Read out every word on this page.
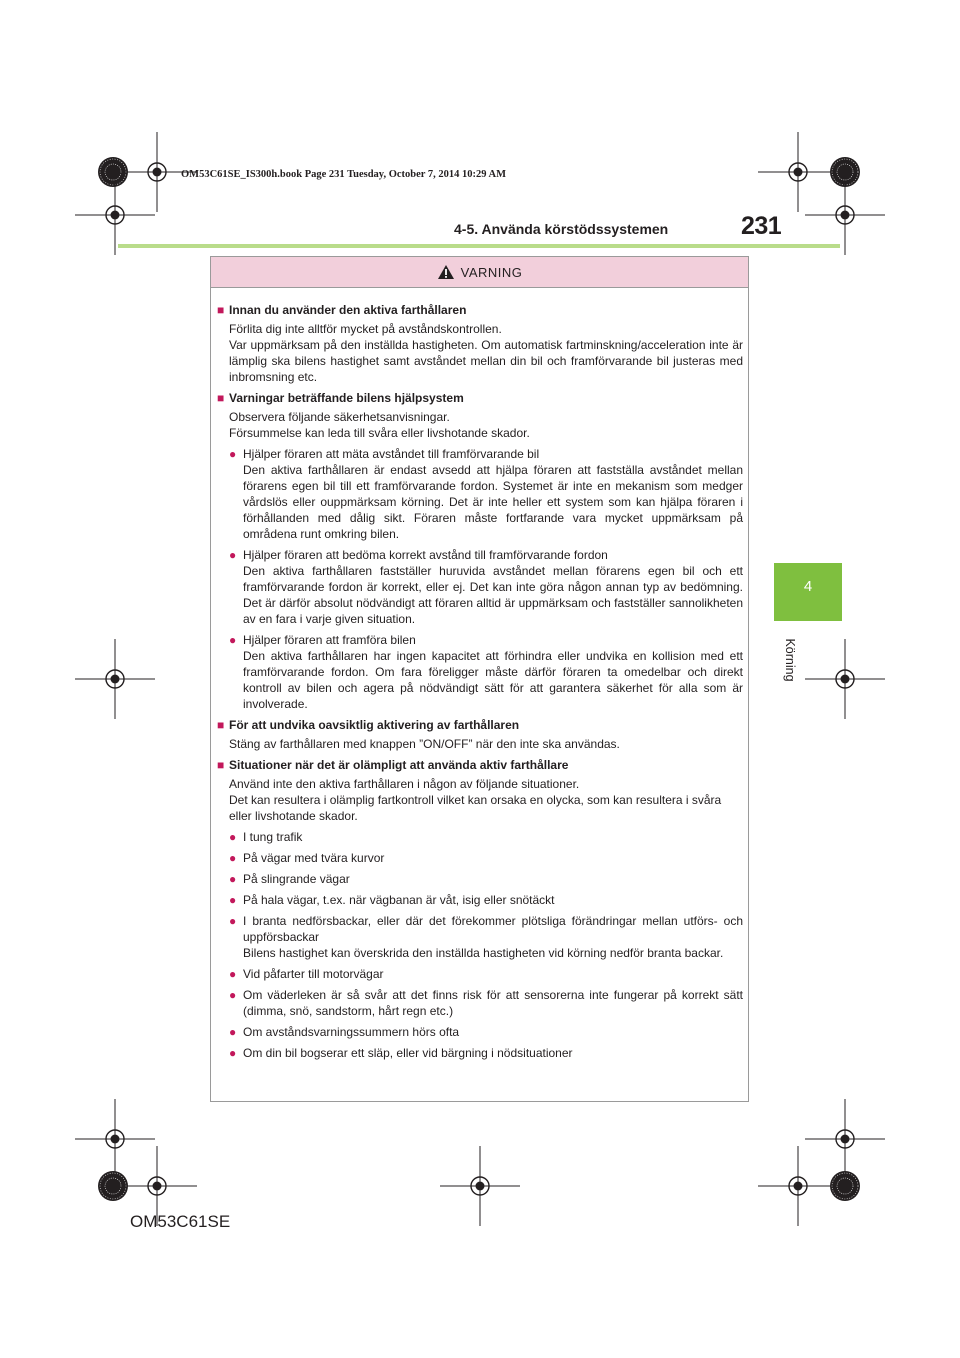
OM53C61SE_IS300h.book Page 231 Tuesday, October 7, 2014 10:29 AM
4-5. Använda körstödssystemen	231
4
Körning
VARNING
■ Innan du använder den aktiva farthållaren
Förlita dig inte alltför mycket på avståndskontrollen.
Var uppmärksam på den inställda hastigheten. Om automatisk fartminskning/acceleration inte är lämplig ska bilens hastighet samt avståndet mellan din bil och framförvarande bil justeras med inbromsning etc.
■ Varningar beträffande bilens hjälpsystem
Observera följande säkerhetsanvisningar.
Försummelse kan leda till svåra eller livshotande skador.
● Hjälper föraren att mäta avståndet till framförvarande bil
Den aktiva farthållaren är endast avsedd att hjälpa föraren att fastställa avståndet mellan förarens egen bil till ett framförvarande fordon. Systemet är inte en mekanism som medger vårdslös eller ouppmärksam körning. Det är inte heller ett system som kan hjälpa föraren i förhållanden med dålig sikt. Föraren måste fortfarande vara mycket uppmärksam på områdena runt omkring bilen.
● Hjälper föraren att bedöma korrekt avstånd till framförvarande fordon
Den aktiva farthållaren fastställer huruvida avståndet mellan förarens egen bil och ett framförvarande fordon är korrekt, eller ej. Det kan inte göra någon annan typ av bedömning. Det är därför absolut nödvändigt att föraren alltid är uppmärksam och fastställer sannolikheten av en fara i varje given situation.
● Hjälper föraren att framföra bilen
Den aktiva farthållaren har ingen kapacitet att förhindra eller undvika en kollision med ett framförvarande fordon. Om fara föreligger måste därför föraren ta omedelbar och direkt kontroll av bilen och agera på nödvändigt sätt för att garantera säkerhet för alla som är involverade.
■ För att undvika oavsiktlig aktivering av farthållaren
Stäng av farthållaren med knappen ”ON/OFF” när den inte ska användas.
■ Situationer när det är olämpligt att använda aktiv farthållare
Använd inte den aktiva farthållaren i någon av följande situationer.
Det kan resultera i olämplig fartkontroll vilket kan orsaka en olycka, som kan resultera i svåra eller livshotande skador.
● I tung trafik
● På vägar med tvära kurvor
● På slingrande vägar
● På hala vägar, t.ex. när vägbanan är våt, isig eller snötäckt
● I branta nedförsbackar, eller där det förekommer plötsliga förändringar mellan utförs- och uppförsbackar
Bilens hastighet kan överskrida den inställda hastigheten vid körning nedför branta backar.
● Vid påfarter till motorvägar
● Om väderleken är så svår att det finns risk för att sensorerna inte fungerar på korrekt sätt (dimma, snö, sandstorm, hårt regn etc.)
● Om avståndsvarningssummern hörs ofta
● Om din bil bogserar ett släp, eller vid bärgning i nödsituationer
OM53C61SE
